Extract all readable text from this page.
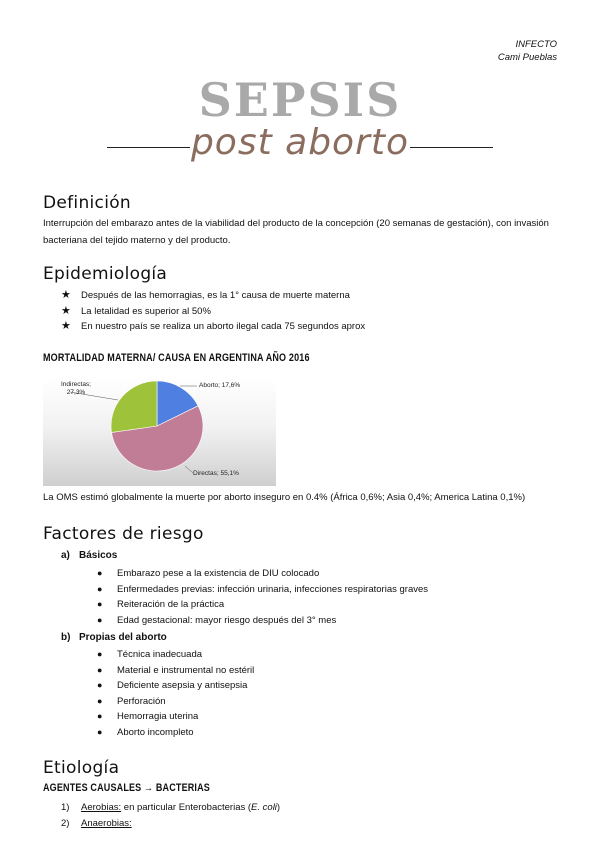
INFECTO
Cami Pueblas
SEPSIS
post aborto
Definición
Interrupción del embarazo antes de la viabilidad del producto de la concepción (20 semanas de gestación), con invasión bacteriana del tejido materno y del producto.
Epidemiología
★ Después de las hemorragias, es la 1° causa de muerte materna
★ La letalidad es superior al 50%
★ En nuestro país se realiza un aborto ilegal cada 75 segundos aprox
MORTALIDAD MATERNA/ CAUSA EN ARGENTINA AÑO 2016
Indirectas;
27,3%
Aborto; 17,6%
Directas; 55,1%
La OMS estimó globalmente la muerte por aborto inseguro en 0.4% (África 0,6%; Asia 0,4%; America Latina 0,1%)
Factores de riesgo
a) Básicos
● Embarazo pese a la existencia de DIU colocado
● Enfermedades previas: infección urinaria, infecciones respiratorias graves
● Reiteración de la práctica
● Edad gestacional: mayor riesgo después del 3° mes
b) Propias del aborto
● Técnica inadecuada
● Material e instrumental no estéril
● Deficiente asepsia y antisepsia
● Perforación
● Hemorragia uterina
● Aborto incompleto
Etiología
AGENTES CAUSALES → BACTERIAS
1) Aerobias: en particular Enterobacterias (E. coli)
2) Anaerobias:
